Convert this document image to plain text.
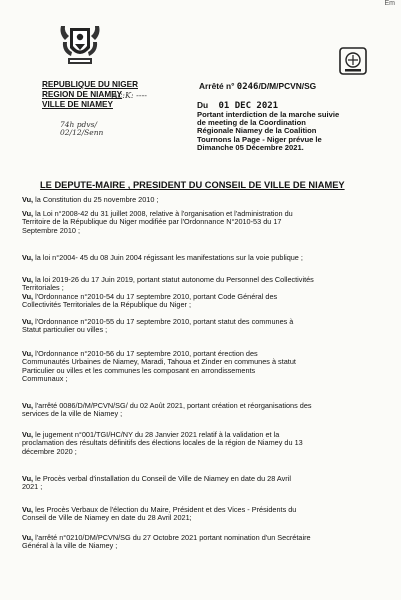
Em
REPUBLIQUE DU NIGER
REGION DE NIAMEY
VILLE DE NIAMEY
Ac:K: ----
74h pdvs/
02/12/Senn
Arrêté n° 0246/D/M/PCVN/SG
Du 01 DEC 2021
Portant interdiction de la marche suivie
de meeting de la Coordination
Régionale Niamey de la Coalition
Tournons la Page - Niger prévue le
Dimanche 05 Décembre 2021.
LE DEPUTE-MAIRE , PRESIDENT DU CONSEIL DE VILLE DE NIAMEY
Vu, la Constitution du 25 novembre 2010 ;
Vu, la Loi n°2008-42 du 31 juillet 2008, relative à l'organisation et l'administration du
Territoire de la République du Niger modifiée par l'Ordonnance N°2010-53 du 17
Septembre 2010 ;
Vu, la loi n°2004- 45 du 08 Juin 2004 régissant les manifestations sur la voie publique ;
Vu, la loi 2019-26 du 17 Juin 2019, portant statut autonome du Personnel des Collectivités
Territoriales ;
Vu, l'Ordonnance n°2010-54 du 17 septembre 2010, portant Code Général des
Collectivités Territoriales de la République du Niger ;
Vu, l'Ordonnance n°2010-55 du 17 septembre 2010, portant statut des communes à
Statut particulier ou villes ;
Vu, l'Ordonnance n°2010-56 du 17 septembre 2010, portant érection des
Communautés Urbaines de Niamey, Maradi, Tahoua et Zinder en communes à statut
Particulier ou villes et les communes les composant en arrondissements
Communaux ;
Vu, l'arrêté 0086/D/M/PCVN/SG/ du 02 Août 2021, portant création et réorganisations des
services de la ville de Niamey ;
Vu, le jugement n°001/TGI/HC/NY du 28 Janvier 2021 relatif à la validation et la
proclamation des résultats définitifs des élections locales de la région de Niamey du 13
décembre 2020 ;
Vu, le Procès verbal d'installation du Conseil de Ville de Niamey en date du 28 Avril
2021 ;
Vu, les Procès Verbaux de l'élection du Maire, Président et des Vices - Présidents du
Conseil de Ville de Niamey en date du 28 Avril 2021;
Vu, l'arrêté n°0210/DM/PCVN/SG du 27 Octobre 2021 portant nomination d'un Secrétaire
Général à la ville de Niamey ;
